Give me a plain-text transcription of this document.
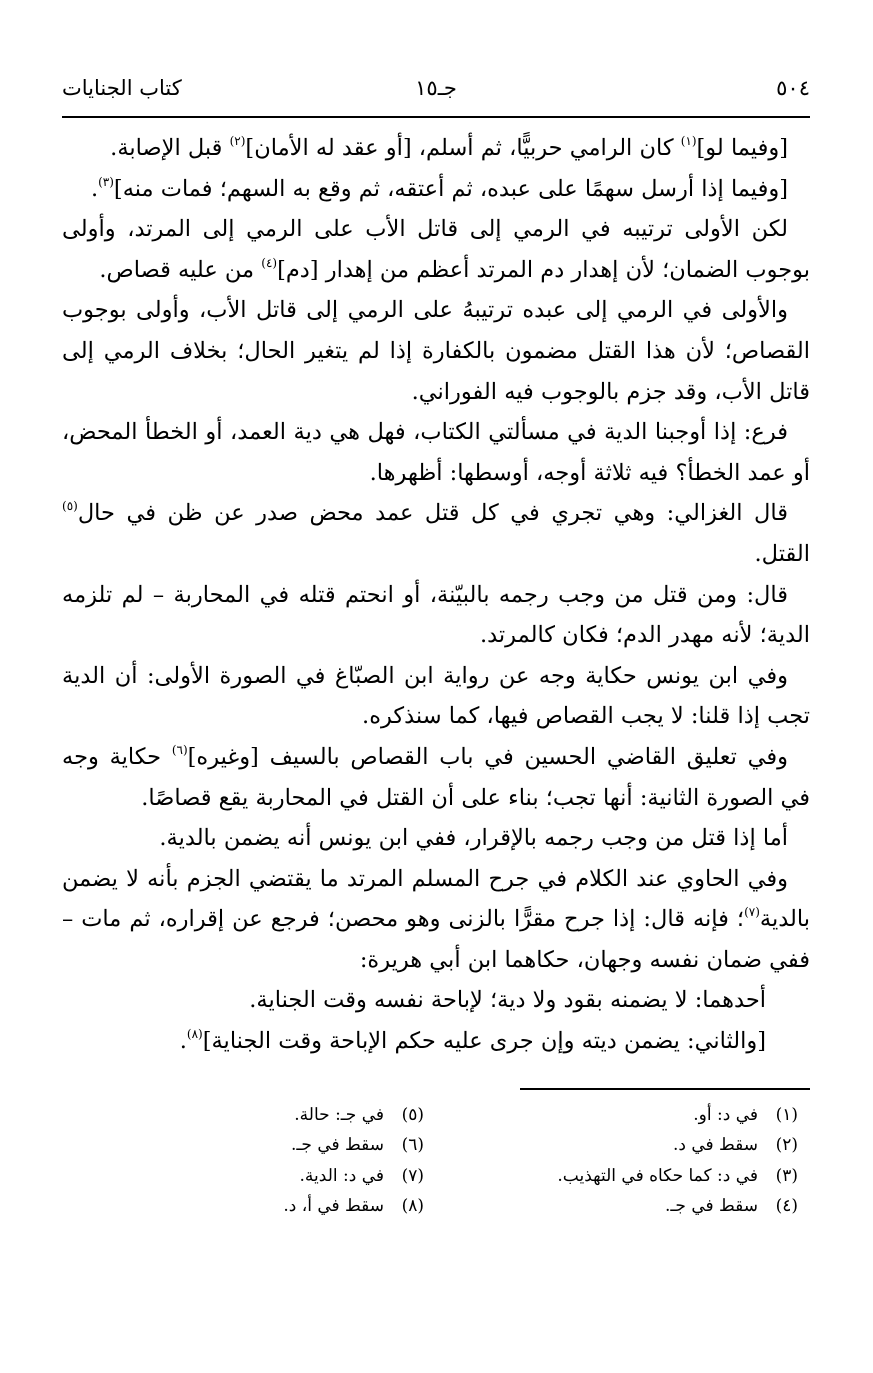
٥٠٤
جـ١٥
كتاب الجنايات

[وفيما لو]$^{(١)}$ كان الرامي حربيًّا، ثم أسلم، [أو عقد له الأمان]$^{(٢)}$ قبل الإصابة.

[وفيما إذا أرسل سهمًا على عبده، ثم أعتقه، ثم وقع به السهم؛ فمات منه]$^{(٣)}$.

لكن الأولى ترتيبه في الرمي إلى قاتل الأب على الرمي إلى المرتد، وأولى بوجوب الضمان؛ لأن إهدار دم المرتد أعظم من إهدار [دم]$^{(٤)}$ من عليه قصاص.

والأولى في الرمي إلى عبده ترتيبهُ على الرمي إلى قاتل الأب، وأولى بوجوب القصاص؛ لأن هذا القتل مضمون بالكفارة إذا لم يتغير الحال؛ بخلاف الرمي إلى قاتل الأب، وقد جزم بالوجوب فيه الفوراني.

فرع: إذا أوجبنا الدية في مسألتي الكتاب، فهل هي دية العمد، أو الخطأ المحض، أو عمد الخطأ؟ فيه ثلاثة أوجه، أوسطها: أظهرها.

قال الغزالي: وهي تجري في كل قتل عمد محض صدر عن ظن في حال$^{(٥)}$ القتل.

قال: ومن قتل من وجب رجمه بالبيّنة، أو انحتم قتله في المحاربة – لم تلزمه الدية؛ لأنه مهدر الدم؛ فكان كالمرتد.

وفي ابن يونس حكاية وجه عن رواية ابن الصبّاغ في الصورة الأولى: أن الدية تجب إذا قلنا: لا يجب القصاص فيها، كما سنذكره.

وفي تعليق القاضي الحسين في باب القصاص بالسيف [وغيره]$^{(٦)}$ حكاية وجه في الصورة الثانية: أنها تجب؛ بناء على أن القتل في المحاربة يقع قصاصًا.

أما إذا قتل من وجب رجمه بالإقرار، ففي ابن يونس أنه يضمن بالدية.

وفي الحاوي عند الكلام في جرح المسلم المرتد ما يقتضي الجزم بأنه لا يضمن بالدية$^{(٧)}$؛ فإنه قال: إذا جرح مقرًّا بالزنى وهو محصن؛ فرجع عن إقراره، ثم مات – ففي ضمان نفسه وجهان، حكاهما ابن أبي هريرة:

أحدهما: لا يضمنه بقود ولا دية؛ لإباحة نفسه وقت الجناية.

[والثاني: يضمن ديته وإن جرى عليه حكم الإباحة وقت الجناية]$^{(٨)}$.

(١)في د: أو.
(٢)سقط في د.
(٣)في د: كما حكاه في التهذيب.
(٤)سقط في جـ.
(٥)في جـ: حالة.
(٦)سقط في جـ.
(٧)في د: الدية.
(٨)سقط في أ، د.
